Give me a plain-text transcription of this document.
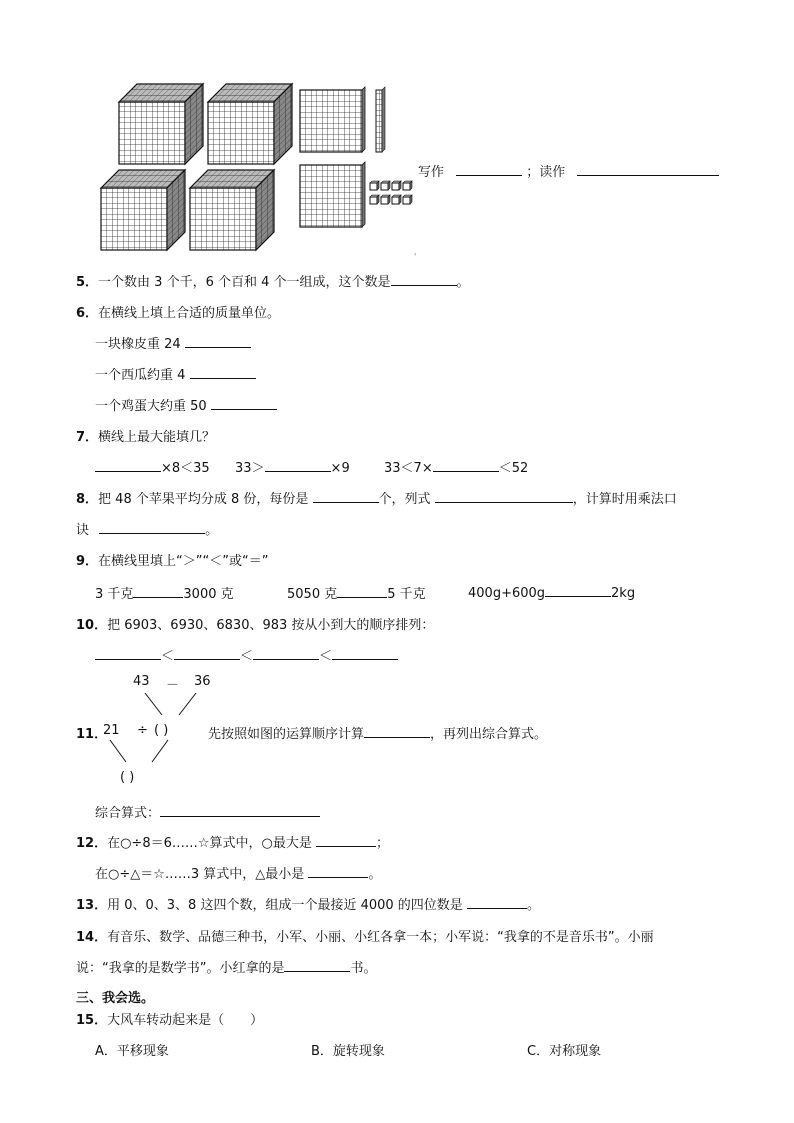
‹
写作	；读作
5．一个数由 3 个千，6 个百和 4 个一组成，这个数是	。
6．在横线上填上合适的质量单位。
一块橡皮重 24
一个西瓜约重 4
一个鸡蛋大约重 50
7．横线上最大能填几？
×8＜35 33＞	×9	33＜7×	＜52
8．把 48 个苹果平均分成 8 份，每份是	个，列式	，计算时用乘法口
诀	。
9．在横线里填上“＞”“＜”或“＝”
3 千克	3000 克	5050 克	5 千克	400g+600g	2kg
10．把 6903、6930、6830、983 按从小到大的顺序排列：
＜	＜	＜
43 － 36
11．
21 ÷ ( )	先按照如图的运算顺序计算	，再列出综合算式。
( )
综合算式：
12．在○÷8＝6……☆算式中，○最大是	；
在○÷△＝☆……3 算式中，△最小是	。
13．用 0、0、3、8 这四个数，组成一个最接近 4000 的四位数是	。
14．有音乐、数学、品德三种书，小军、小丽、小红各拿一本；小军说：“我拿的不是音乐书”。小丽
说：“我拿的是数学书”。小红拿的是	书。
三、我会选。
15．大风车转动起来是（　　）
A．平移现象	B．旋转现象	C．对称现象
